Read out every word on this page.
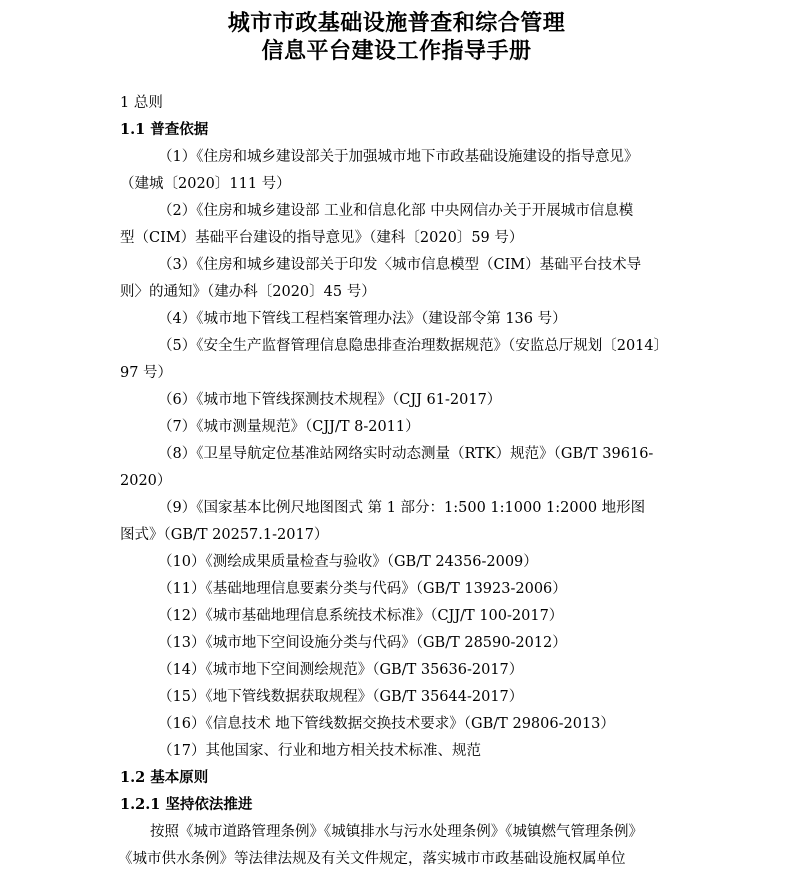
城市市政基础设施普查和综合管理
信息平台建设工作指导手册
1 总则
1.1 普查依据
（1）《住房和城乡建设部关于加强城市地下市政基础设施建设的指导意见》
（建城〔2020〕111 号）
（2）《住房和城乡建设部 工业和信息化部 中央网信办关于开展城市信息模
型（CIM）基础平台建设的指导意见》（建科〔2020〕59 号）
（3）《住房和城乡建设部关于印发〈城市信息模型（CIM）基础平台技术导
则〉的通知》（建办科〔2020〕45 号）
（4）《城市地下管线工程档案管理办法》（建设部令第 136 号）
（5）《安全生产监督管理信息隐患排查治理数据规范》（安监总厅规划〔2014〕
97 号）
（6）《城市地下管线探测技术规程》（CJJ 61-2017）
（7）《城市测量规范》（CJJ/T 8-2011）
（8）《卫星导航定位基准站网络实时动态测量（RTK）规范》（GB/T 39616-
2020）
（9）《国家基本比例尺地图图式 第 1 部分：1:500 1:1000 1:2000 地形图
图式》（GB/T 20257.1-2017）
（10）《测绘成果质量检查与验收》（GB/T 24356-2009）
（11）《基础地理信息要素分类与代码》（GB/T 13923-2006）
（12）《城市基础地理信息系统技术标准》（CJJ/T 100-2017）
（13）《城市地下空间设施分类与代码》（GB/T 28590-2012）
（14）《城市地下空间测绘规范》（GB/T 35636-2017）
（15）《地下管线数据获取规程》（GB/T 35644-2017）
（16）《信息技术 地下管线数据交换技术要求》（GB/T 29806-2013）
（17）其他国家、行业和地方相关技术标准、规范
1.2 基本原则
1.2.1 坚持依法推进
按照《城市道路管理条例》《城镇排水与污水处理条例》《城镇燃气管理条例》
《城市供水条例》等法律法规及有关文件规定，落实城市市政基础设施权属单位
